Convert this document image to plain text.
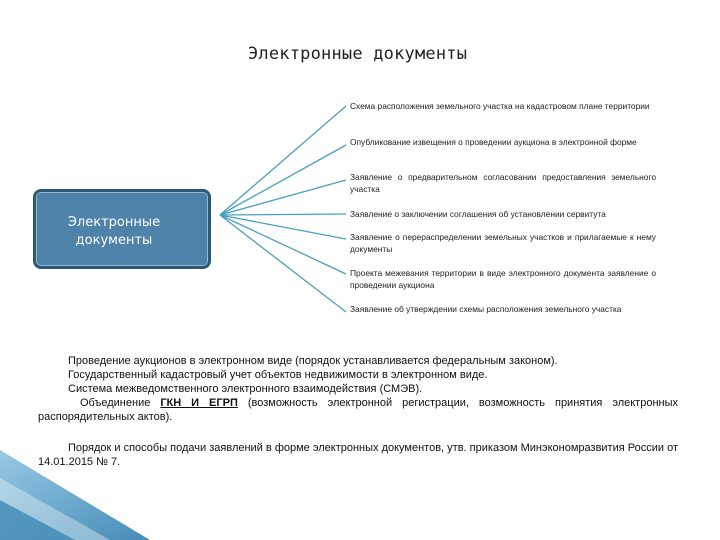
Электронные документы
Электронные документы
Схема расположения земельного участка на кадастровом плане территории
Опубликование извещения о проведении аукциона в электронной форме
Заявление о предварительном согласовании предоставления земельного участка
Заявление о заключении соглашения об установлении сервитута
Заявление о перераспределении земельных участков и прилагаемые к нему документы
Проекта межевания территории в виде электронного документа заявление о проведении аукциона
Заявление об утверждении схемы расположения земельного участка
Проведение аукционов в электронном виде (порядок устанавливается федеральным законом).
Государственный кадастровый учет объектов недвижимости в электронном виде.
Система межведомственного электронного взаимодействия (СМЭВ).
Объединение ГКН И ЕГРП (возможность электронной регистрации, возможность принятия электронных распорядительных актов).
Порядок и способы подачи заявлений в форме электронных документов, утв. приказом Минэкономразвития России от 14.01.2015 № 7.
